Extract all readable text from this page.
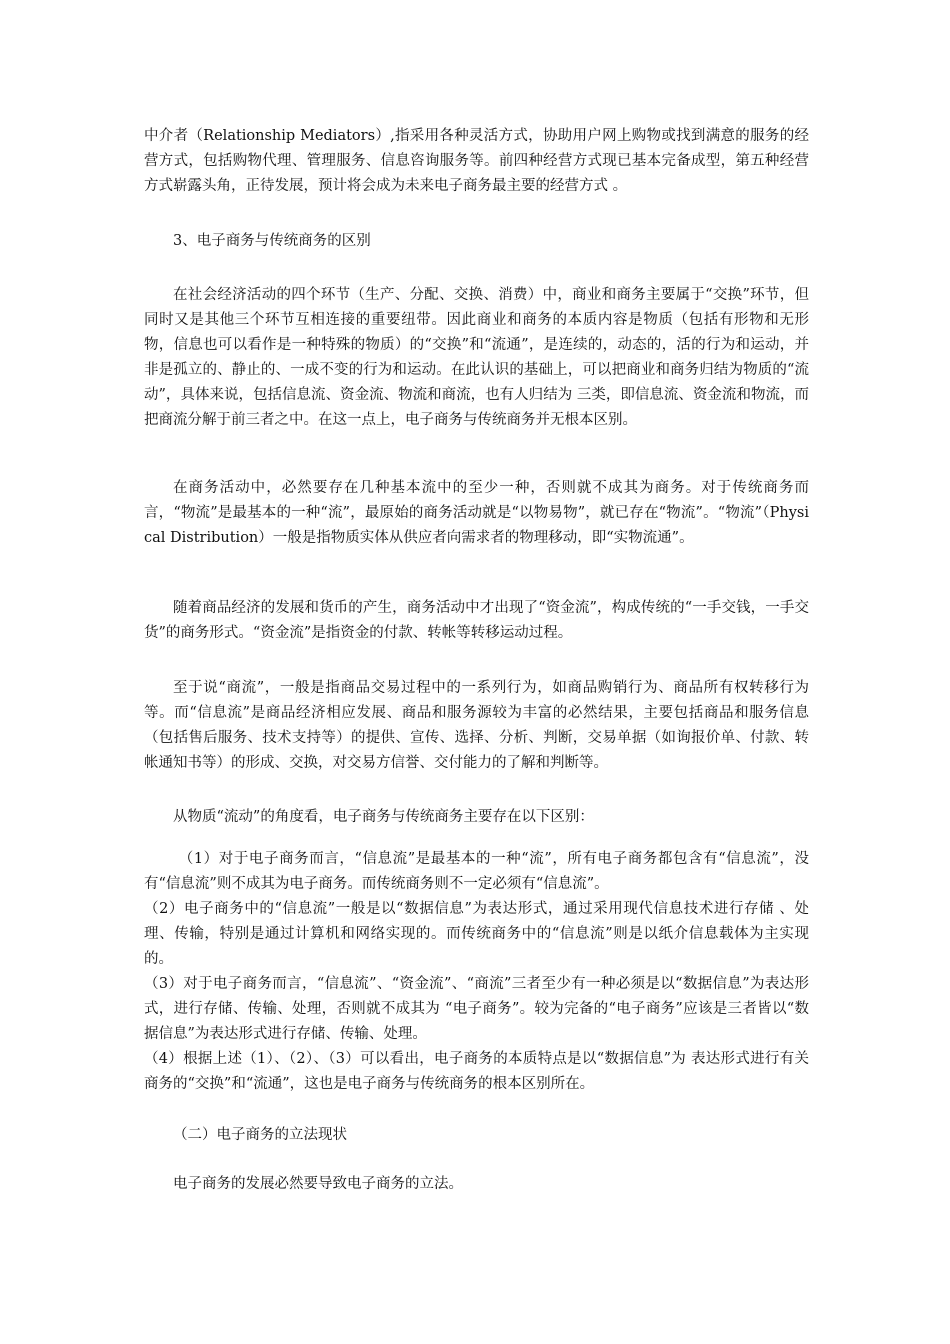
中介者（Relationship Mediators）,指采用各种灵活方式，协助用户网上购物或找到满意的服务的经营方式，包括购物代理、管理服务、信息咨询服务等。前四种经营方式现已基本完备成型，第五种经营方式崭露头角，正待发展，预计将会成为未来电子商务最主要的经营方式 。

3、电子商务与传统商务的区别

在社会经济活动的四个环节（生产、分配、交换、消费）中，商业和商务主要属于“交换”环节，但同时又是其他三个环节互相连接的重要纽带。因此商业和商务的本质内容是物质（包括有形物和无形物，信息也可以看作是一种特殊的物质）的“交换”和“流通”，是连续的，动态的，活的行为和运动，并非是孤立的、静止的、一成不变的行为和运动。在此认识的基础上，可以把商业和商务归结为物质的“流动”，具体来说，包括信息流、资金流、物流和商流，也有人归结为 三类，即信息流、资金流和物流，而把商流分解于前三者之中。在这一点上，电子商务与传统商务并无根本区别。

在商务活动中，必然要存在几种基本流中的至少一种，否则就不成其为商务。对于传统商务而言，“物流”是最基本的一种“流”，最原始的商务活动就是“以物易物”，就已存在“物流”。“物流”（Physical Distribution）一般是指物质实体从供应者向需求者的物理移动，即“实物流通”。

随着商品经济的发展和货币的产生，商务活动中才出现了“资金流”，构成传统的“一手交钱，一手交货”的商务形式。“资金流”是指资金的付款、转帐等转移运动过程。

至于说“商流”，一般是指商品交易过程中的一系列行为，如商品购销行为、商品所有权转移行为等。而“信息流”是商品经济相应发展、商品和服务源较为丰富的必然结果，主要包括商品和服务信息（包括售后服务、技术支持等）的提供、宣传、选择、分析、判断，交易单据（如询报价单、付款、转帐通知书等）的形成、交换，对交易方信誉、交付能力的了解和判断等。

从物质“流动”的角度看，电子商务与传统商务主要存在以下区别：

（1）对于电子商务而言，“信息流”是最基本的一种“流”，所有电子商务都包含有“信息流”，没有“信息流”则不成其为电子商务。而传统商务则不一定必须有“信息流”。
（2）电子商务中的“信息流”一般是以“数据信息”为表达形式，通过采用现代信息技术进行存储 、处理、传输，特别是通过计算机和网络实现的。而传统商务中的“信息流”则是以纸介信息载体为主实现的。
（3）对于电子商务而言，“信息流”、“资金流”、“商流”三者至少有一种必须是以“数据信息”为表达形式，进行存储、传输、处理，否则就不成其为 “电子商务”。较为完备的“电子商务”应该是三者皆以“数据信息”为表达形式进行存储、传输、处理。
（4）根据上述（1）、（2）、（3）可以看出，电子商务的本质特点是以“数据信息”为 表达形式进行有关商务的“交换”和“流通”，这也是电子商务与传统商务的根本区别所在。

（二）电子商务的立法现状

电子商务的发展必然要导致电子商务的立法。
